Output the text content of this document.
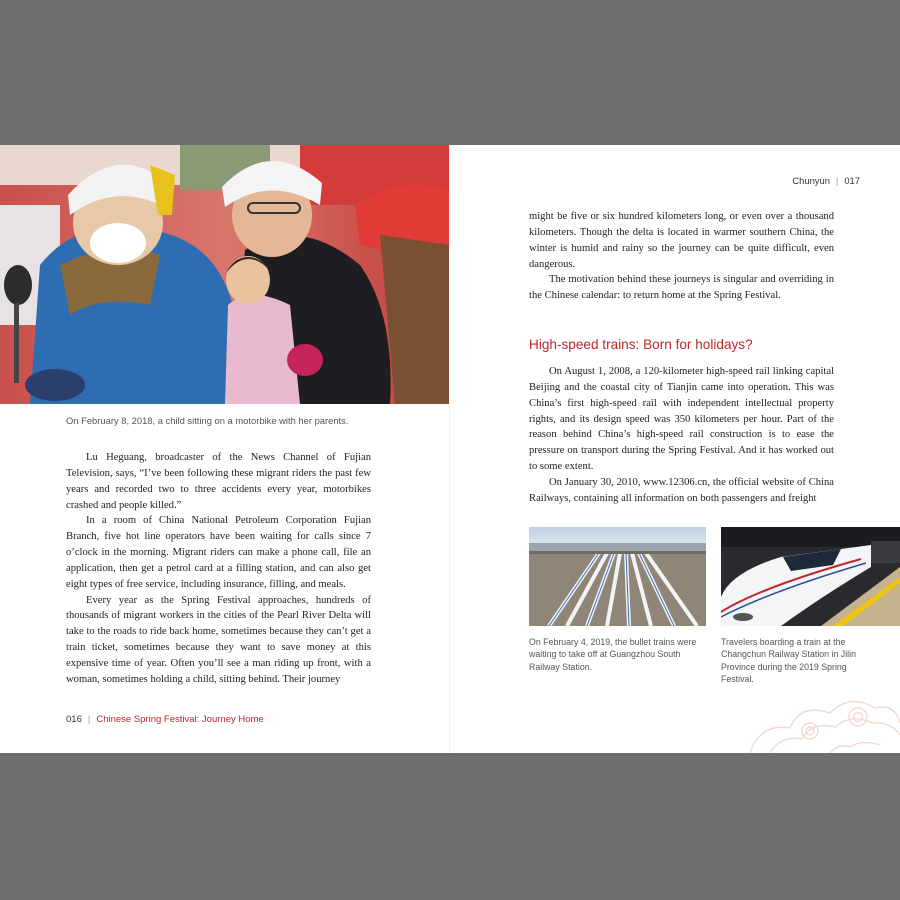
On February 8, 2018, a child sitting on a motorbike with her parents.

Lu Heguang, broadcaster of the News Channel of Fujian Television, says, “I’ve been following these migrant riders the past few years and recorded two to three accidents every year, motorbikes crashed and people killed.”

In a room of China National Petroleum Corporation Fujian Branch, five hot line operators have been waiting for calls since 7 o’clock in the morning. Migrant riders can make a phone call, file an application, then get a petrol card at a filling station, and can also get eight types of free service, including insurance, filling, and meals.

Every year as the Spring Festival approaches, hundreds of thousands of migrant workers in the cities of the Pearl River Delta will take to the roads to ride back home, sometimes because they can’t get a train ticket, sometimes because they want to save money at this expensive time of year. Often you’ll see a man riding up front, with a woman, sometimes holding a child, sitting behind. Their journey

016 | Chinese Spring Festival: Journey Home
Chunyun | 017

might be five or six hundred kilometers long, or even over a thousand kilometers. Though the delta is located in warmer southern China, the winter is humid and rainy so the journey can be quite difficult, even dangerous.

The motivation behind these journeys is singular and overriding in the Chinese calendar: to return home at the Spring Festival.

High-speed trains: Born for holidays?

On August 1, 2008, a 120-kilometer high-speed rail linking capital Beijing and the coastal city of Tianjin came into operation. This was China’s first high-speed rail with independent intellectual property rights, and its design speed was 350 kilometers per hour. Part of the reason behind China’s high-speed rail construction is to ease the pressure on transport during the Spring Festival. And it has worked out to some extent.

On January 30, 2010, www.12306.cn, the official website of China Railways, containing all information on both passengers and freight

On February 4, 2019, the bullet trains were waiting to take off at Guangzhou South Railway Station.
Travelers boarding a train at the Changchun Railway Station in Jilin Province during the 2019 Spring Festival.
